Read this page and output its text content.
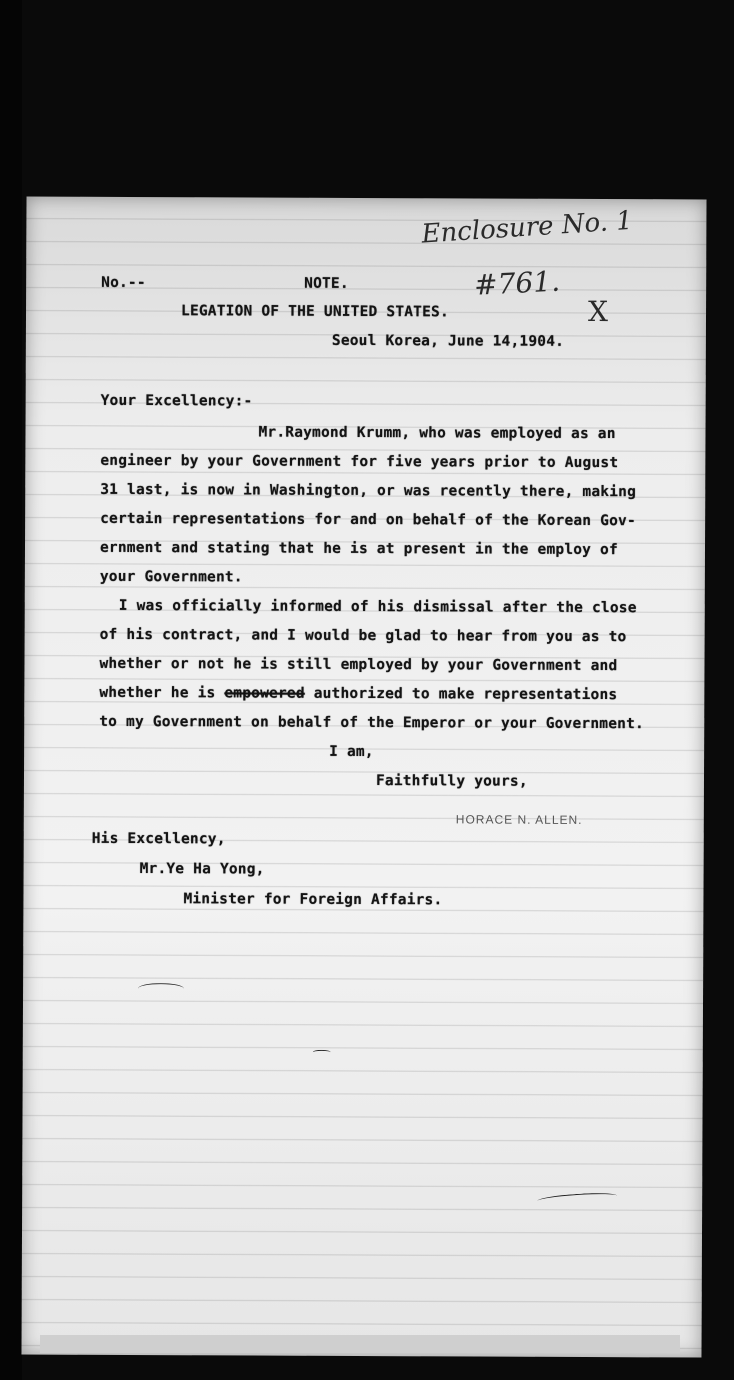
Enclosure No. 1
#761.
X
No.--	NOTE.
LEGATION OF THE UNITED STATES.
Seoul Korea, June 14,1904.
Your Excellency:-
Mr.Raymond Krumm, who was employed as an
engineer by your Government for five years prior to August
31 last, is now in Washington, or was recently there, making
certain representations for and on behalf of the Korean Gov-
ernment and stating that he is at present in the employ of
your Government.
I was officially informed of his dismissal after the close
of his contract, and I would be glad to hear from you as to
whether or not he is still employed by your Government and
whether he is empowered authorized to make representations
to my Government on behalf of the Emperor or your Government.
I am,
Faithfully yours,
HORACE N. ALLEN.
His Excellency,
Mr.Ye Ha Yong,
Minister for Foreign Affairs.
